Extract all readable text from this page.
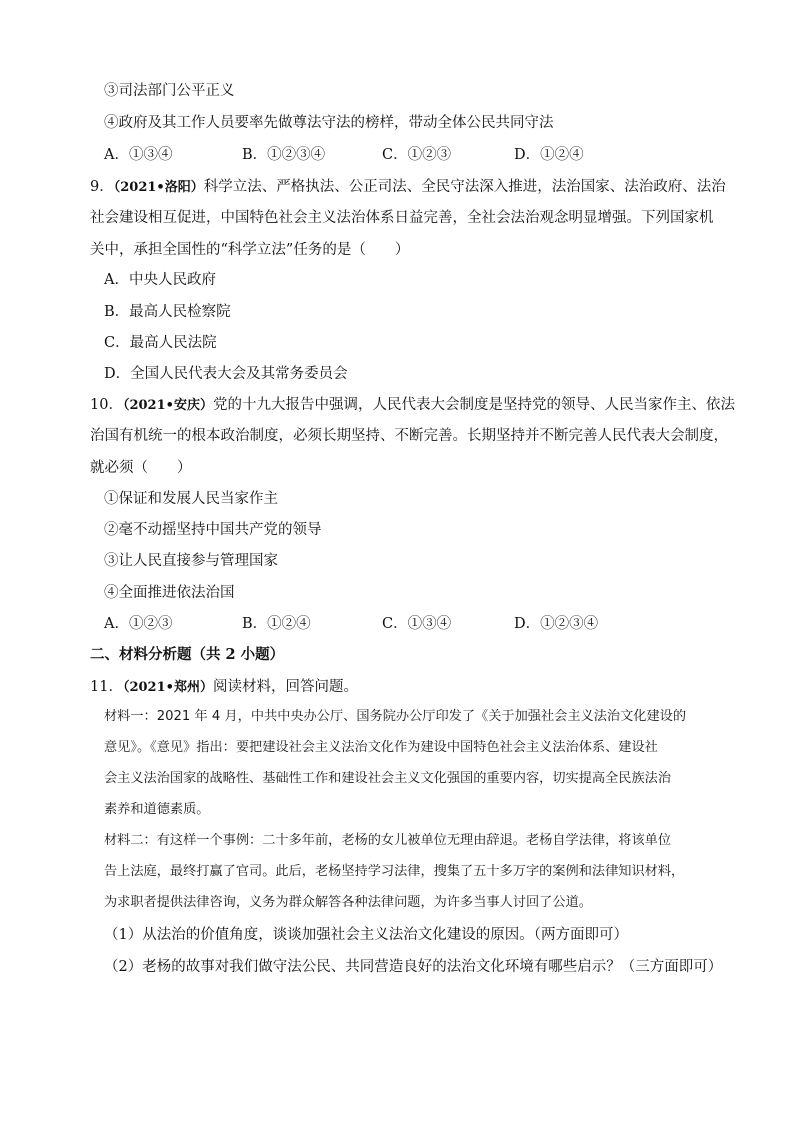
③司法部门公平正义
④政府及其工作人员要率先做尊法守法的榜样，带动全体公民共同守法
A．①③④	B．①②③④	C．①②③	D．①②④
9．（2021•洛阳）科学立法、严格执法、公正司法、全民守法深入推进，法治国家、法治政府、法治
社会建设相互促进，中国特色社会主义法治体系日益完善，全社会法治观念明显增强。下列国家机
关中，承担全国性的“科学立法”任务的是（　　）
A．中央人民政府
B．最高人民检察院
C．最高人民法院
D．全国人民代表大会及其常务委员会
10．（2021•安庆）党的十九大报告中强调，人民代表大会制度是坚持党的领导、人民当家作主、依法
治国有机统一的根本政治制度，必须长期坚持、不断完善。长期坚持并不断完善人民代表大会制度，
就必须（　　）
①保证和发展人民当家作主
②毫不动摇坚持中国共产党的领导
③让人民直接参与管理国家
④全面推进依法治国
A．①②③	B．①②④	C．①③④	D．①②③④
二、材料分析题（共 2 小题）
11．（2021•郑州）阅读材料，回答问题。
材料一：2021 年 4 月，中共中央办公厅、国务院办公厅印发了《关于加强社会主义法治文化建设的
意见》。《意见》指出：要把建设社会主义法治文化作为建设中国特色社会主义法治体系、建设社
会主义法治国家的战略性、基础性工作和建设社会主义文化强国的重要内容，切实提高全民族法治
素养和道德素质。
材料二：有这样一个事例：二十多年前，老杨的女儿被单位无理由辞退。老杨自学法律，将该单位
告上法庭，最终打赢了官司。此后，老杨坚持学习法律，搜集了五十多万字的案例和法律知识材料，
为求职者提供法律咨询，义务为群众解答各种法律问题，为许多当事人讨回了公道。
（1）从法治的价值角度，谈谈加强社会主义法治文化建设的原因。（两方面即可）
（2）老杨的故事对我们做守法公民、共同营造良好的法治文化环境有哪些启示？（三方面即可）
